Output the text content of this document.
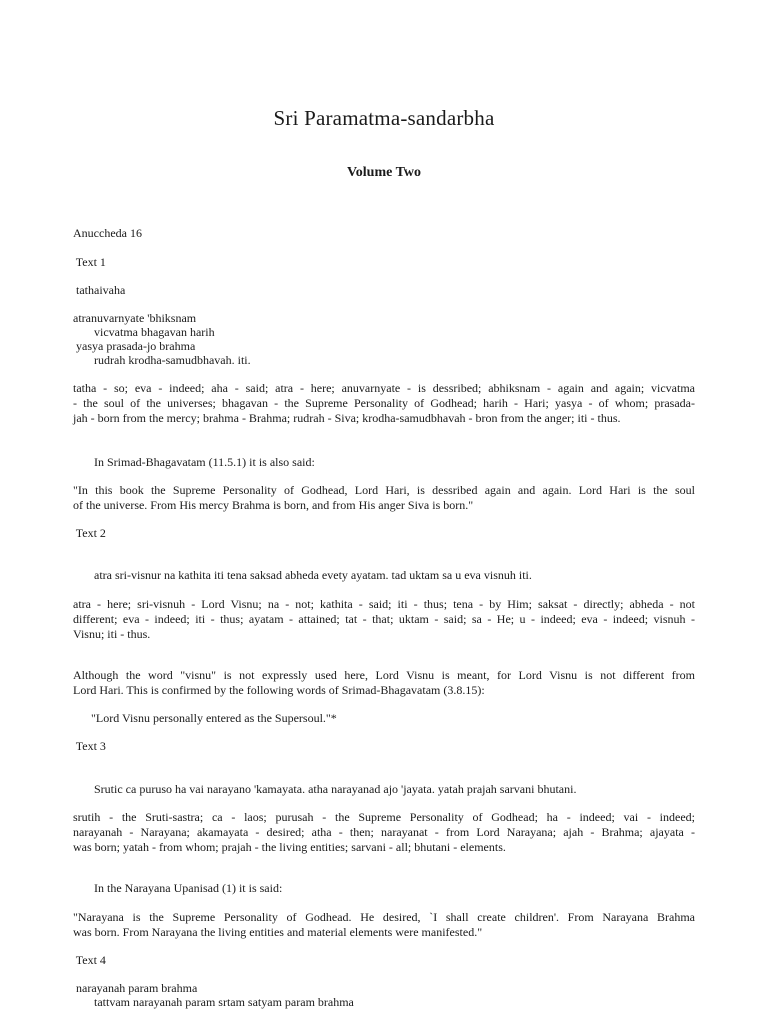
Sri Paramatma-sandarbha
Volume Two
Anuccheda 16
Text 1
tathaivaha
atranuvarnyate 'bhiksnam
vicvatma bhagavan harih
yasya prasada-jo brahma
rudrah krodha-samudbhavah. iti.
tatha - so; eva - indeed; aha - said; atra - here; anuvarnyate - is dessribed; abhiksnam - again and again; vicvatma
- the soul of the universes; bhagavan - the Supreme Personality of Godhead; harih - Hari; yasya - of whom; prasada-
jah - born from the mercy; brahma - Brahma; rudrah - Siva; krodha-samudbhavah - bron from the anger; iti - thus.
In Srimad-Bhagavatam (11.5.1) it is also said:
"In this book the Supreme Personality of Godhead, Lord Hari, is dessribed again and again. Lord Hari is the soul
of the universe. From His mercy Brahma is born, and from His anger Siva is born."
Text 2
atra sri-visnur na kathita iti tena saksad abheda evety ayatam. tad uktam sa u eva visnuh iti.
atra - here; sri-visnuh - Lord Visnu; na - not; kathita - said; iti - thus; tena - by Him; saksat - directly; abheda - not
different; eva - indeed; iti - thus; ayatam - attained; tat - that; uktam - said; sa - He; u - indeed; eva - indeed; visnuh -
Visnu; iti - thus.
Although the word "visnu" is not expressly used here, Lord Visnu is meant, for Lord Visnu is not different from
Lord Hari. This is confirmed by the following words of Srimad-Bhagavatam (3.8.15):
"Lord Visnu personally entered as the Supersoul."*
Text 3
Srutic ca puruso ha vai narayano 'kamayata. atha narayanad ajo 'jayata. yatah prajah sarvani bhutani.
srutih - the Sruti-sastra; ca - laos; purusah - the Supreme Personality of Godhead; ha - indeed; vai - indeed;
narayanah - Narayana; akamayata - desired; atha - then; narayanat - from Lord Narayana; ajah - Brahma; ajayata -
was born; yatah - from whom; prajah - the living entities; sarvani - all; bhutani - elements.
In the Narayana Upanisad (1) it is said:
"Narayana is the Supreme Personality of Godhead. He desired, `I shall create children'. From Narayana Brahma
was born. From Narayana the living entities and material elements were manifested."
Text 4
narayanah param brahma
tattvam narayanah param srtam satyam param brahma
